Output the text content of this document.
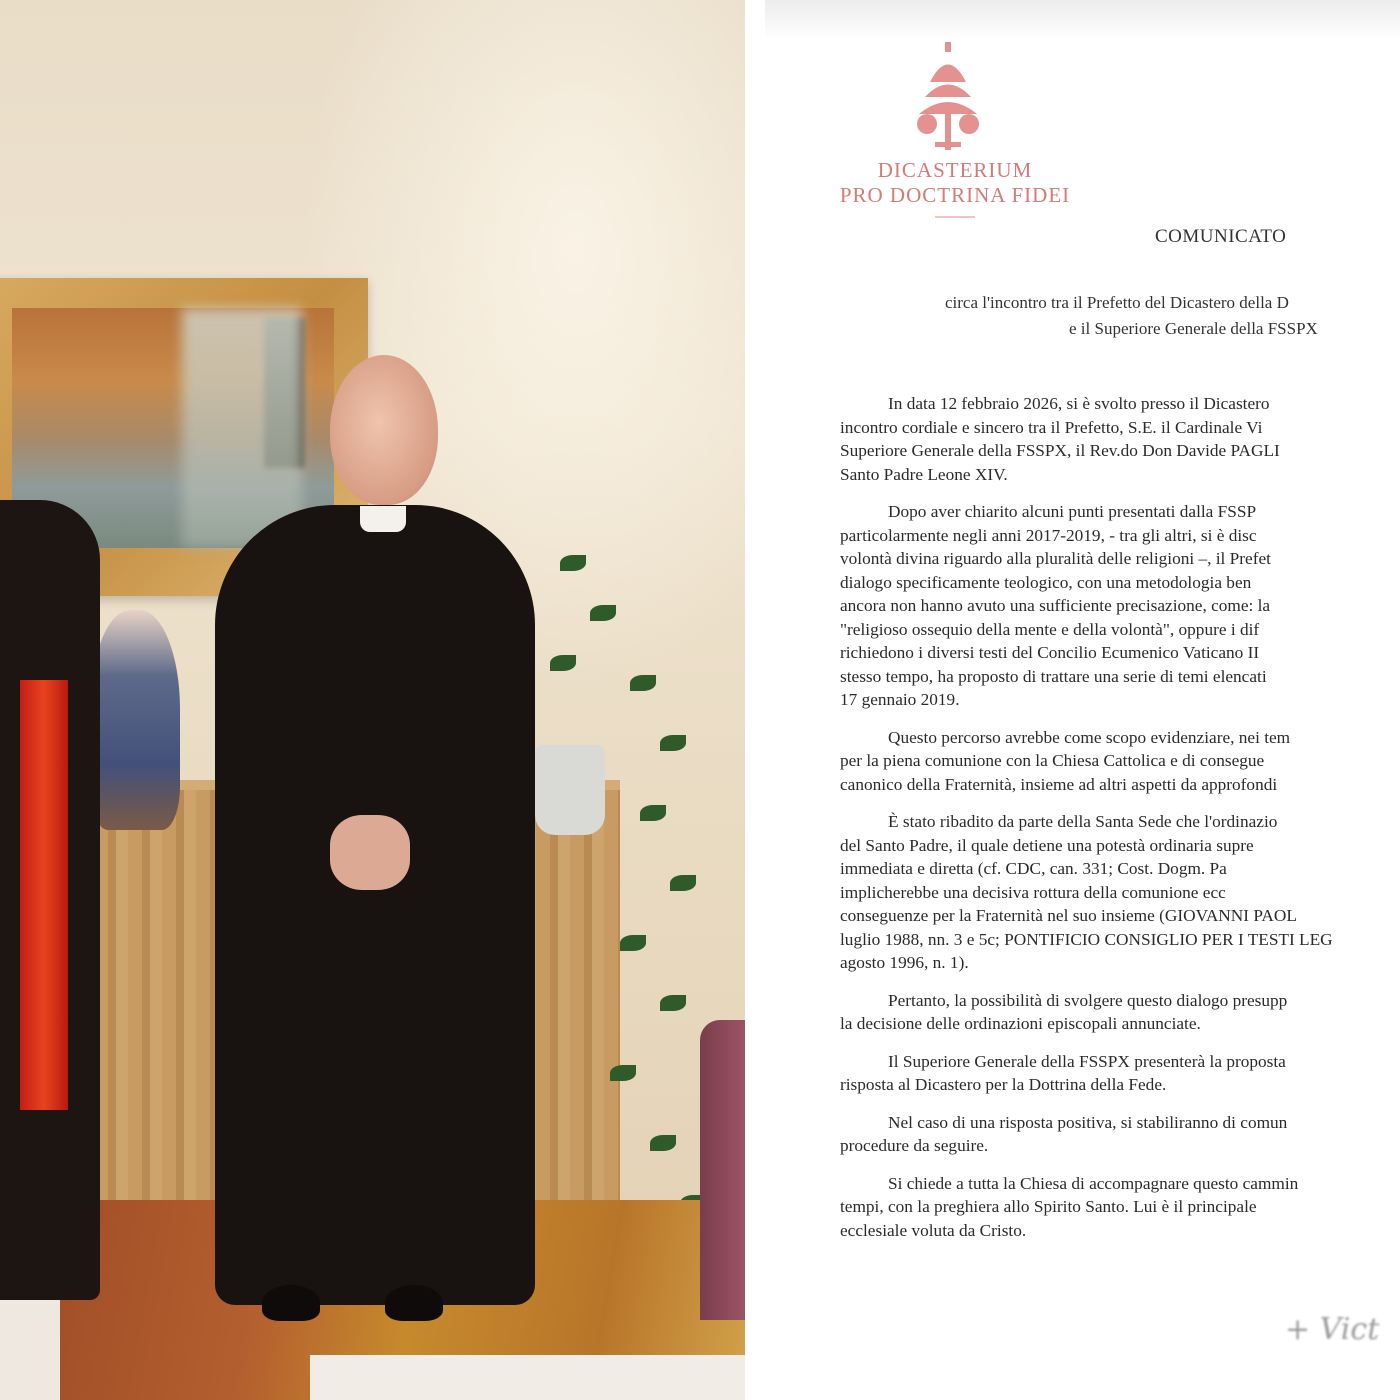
DICASTERIUM
PRO DOCTRINA FIDEI
COMUNICATO
circa l'incontro tra il Prefetto del Dicastero della D
e il Superiore Generale della FSSPX
In data 12 febbraio 2026, si è svolto presso il Dicastero
incontro cordiale e sincero tra il Prefetto, S.E. il Cardinale Vi
Superiore Generale della FSSPX, il Rev.do Don Davide PAGLI
Santo Padre Leone XIV.
Dopo aver chiarito alcuni punti presentati dalla FSSP
particolarmente negli anni 2017-2019, - tra gli altri, si è disc
volontà divina riguardo alla pluralità delle religioni –, il Prefet
dialogo specificamente teologico, con una metodologia ben
ancora non hanno avuto una sufficiente precisazione, come: la
"religioso ossequio della mente e della volontà", oppure i dif
richiedono i diversi testi del Concilio Ecumenico Vaticano II
stesso tempo, ha proposto di trattare una serie di temi elencati
17 gennaio 2019.
Questo percorso avrebbe come scopo evidenziare, nei tem
per la piena comunione con la Chiesa Cattolica e di consegue
canonico della Fraternità, insieme ad altri aspetti da approfondi
È stato ribadito da parte della Santa Sede che l'ordinazio
del Santo Padre, il quale detiene una potestà ordinaria supre
immediata e diretta (cf. CDC, can. 331; Cost. Dogm. Pa
implicherebbe una decisiva rottura della comunione ecc
conseguenze per la Fraternità nel suo insieme (GIOVANNI PAOL
luglio 1988, nn. 3 e 5c; PONTIFICIO CONSIGLIO PER I TESTI LEG
agosto 1996, n. 1).
Pertanto, la possibilità di svolgere questo dialogo presupp
la decisione delle ordinazioni episcopali annunciate.
Il Superiore Generale della FSSPX presenterà la proposta
risposta al Dicastero per la Dottrina della Fede.
Nel caso di una risposta positiva, si stabiliranno di comun
procedure da seguire.
Si chiede a tutta la Chiesa di accompagnare questo cammin
tempi, con la preghiera allo Spirito Santo. Lui è il principale
ecclesiale voluta da Cristo.
+ Vict
